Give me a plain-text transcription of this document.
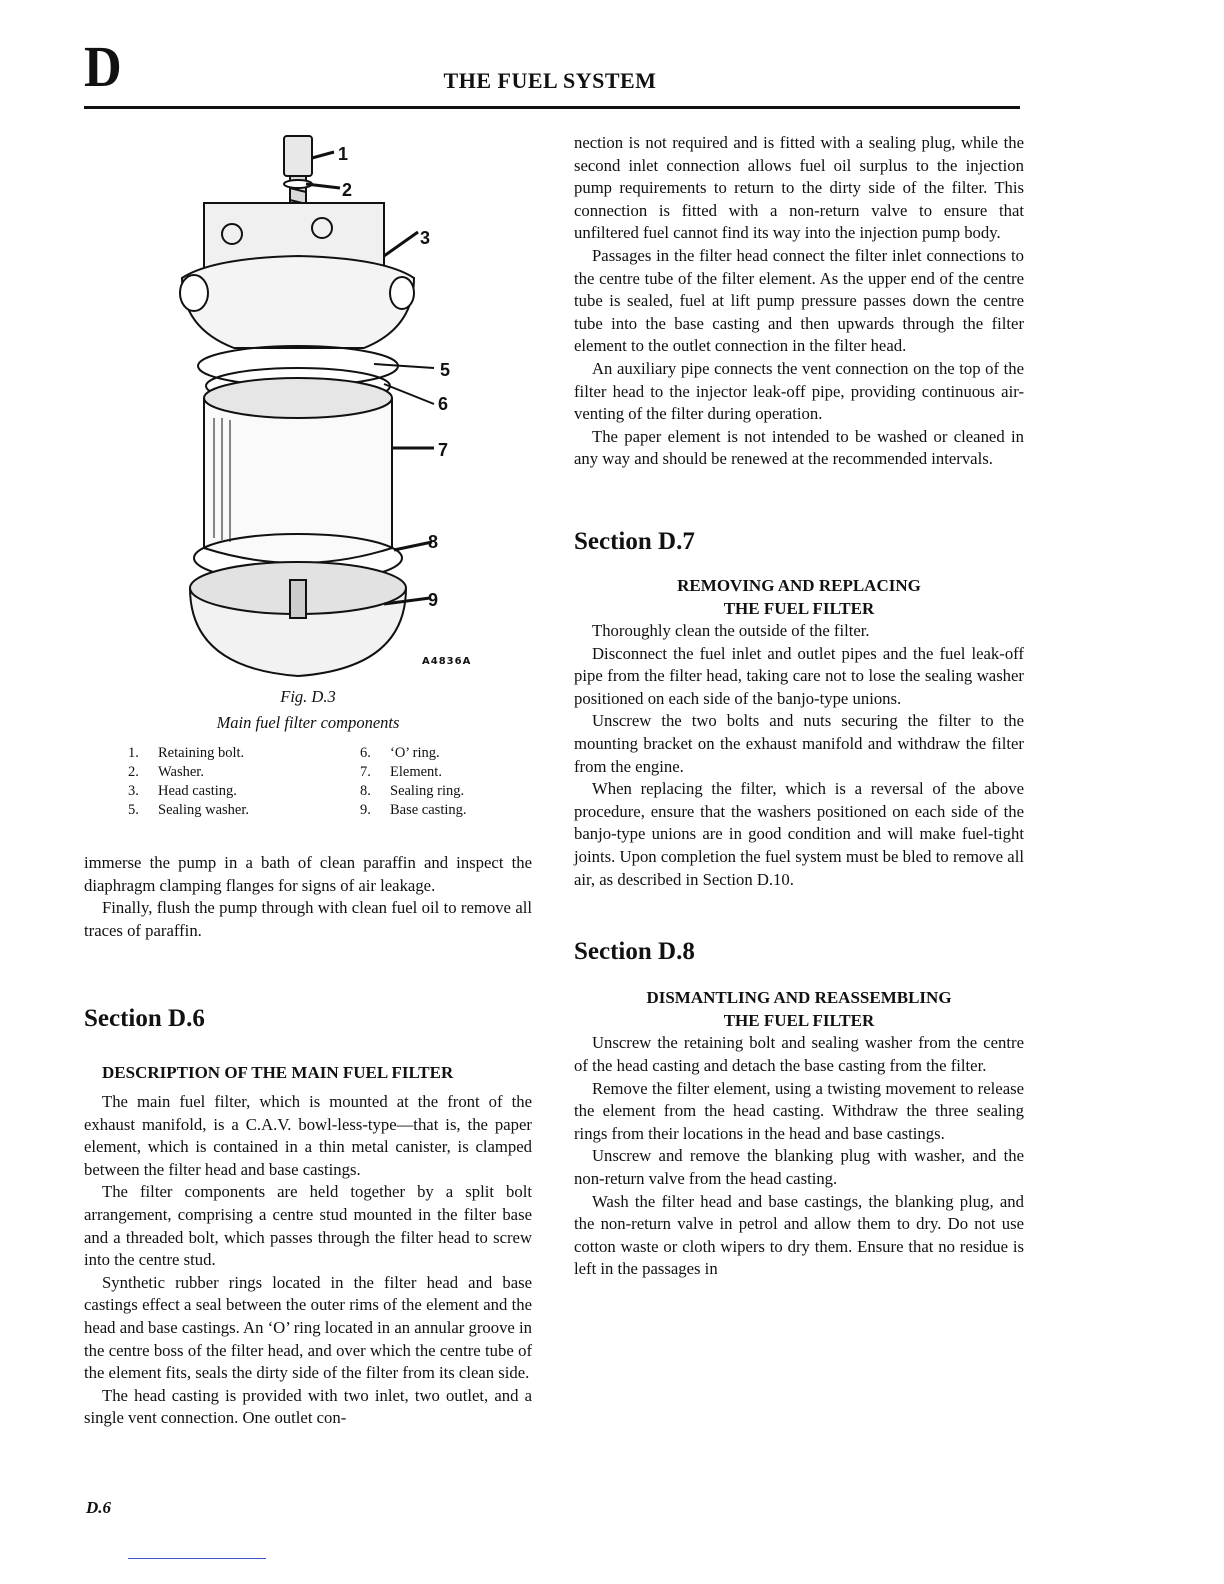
D	THE FUEL SYSTEM
1
2
3
5
6
7
8
9
A4836A
Fig. D.3
Main fuel filter components
1. Retaining bolt.
2. Washer.
3. Head casting.
5. Sealing washer.
6. ‘O’ ring.
7. Element.
8. Sealing ring.
9. Base casting.

immerse the pump in a bath of clean paraffin and inspect the diaphragm clamping flanges for signs of air leakage.

Finally, flush the pump through with clean fuel oil to remove all traces of paraffin.

Section D.6
DESCRIPTION OF THE MAIN FUEL FILTER

The main fuel filter, which is mounted at the front of the exhaust manifold, is a C.A.V. bowl-less-type—that is, the paper element, which is contained in a thin metal canister, is clamped between the filter head and base castings.

The filter components are held together by a split bolt arrangement, comprising a centre stud mounted in the filter base and a threaded bolt, which passes through the filter head to screw into the centre stud.

Synthetic rubber rings located in the filter head and base castings effect a seal between the outer rims of the element and the head and base castings. An ‘O’ ring located in an annular groove in the centre boss of the filter head, and over which the centre tube of the element fits, seals the dirty side of the filter from its clean side.

The head casting is provided with two inlet, two outlet, and a single vent connection. One outlet con-

nection is not required and is fitted with a sealing plug, while the second inlet connection allows fuel oil surplus to the injection pump requirements to return to the dirty side of the filter. This connection is fitted with a non-return valve to ensure that unfiltered fuel cannot find its way into the injection pump body.

Passages in the filter head connect the filter inlet connections to the centre tube of the filter element. As the upper end of the centre tube is sealed, fuel at lift pump pressure passes down the centre tube into the base casting and then upwards through the filter element to the outlet connection in the filter head.

An auxiliary pipe connects the vent connection on the top of the filter head to the injector leak-off pipe, providing continuous air-venting of the filter during operation.

The paper element is not intended to be washed or cleaned in any way and should be renewed at the recommended intervals.

Section D.7
REMOVING AND REPLACING
THE FUEL FILTER

Thoroughly clean the outside of the filter.

Disconnect the fuel inlet and outlet pipes and the fuel leak-off pipe from the filter head, taking care not to lose the sealing washer positioned on each side of the banjo-type unions.

Unscrew the two bolts and nuts securing the filter to the mounting bracket on the exhaust manifold and withdraw the filter from the engine.

When replacing the filter, which is a reversal of the above procedure, ensure that the washers positioned on each side of the banjo-type unions are in good condition and will make fuel-tight joints. Upon completion the fuel system must be bled to remove all air, as described in Section D.10.

Section D.8
DISMANTLING AND REASSEMBLING
THE FUEL FILTER

Unscrew the retaining bolt and sealing washer from the centre of the head casting and detach the base casting from the filter.

Remove the filter element, using a twisting movement to release the element from the head casting. Withdraw the three sealing rings from their locations in the head and base castings.

Unscrew and remove the blanking plug with washer, and the non-return valve from the head casting.

Wash the filter head and base castings, the blanking plug, and the non-return valve in petrol and allow them to dry. Do not use cotton waste or cloth wipers to dry them. Ensure that no residue is left in the passages in

D.6
